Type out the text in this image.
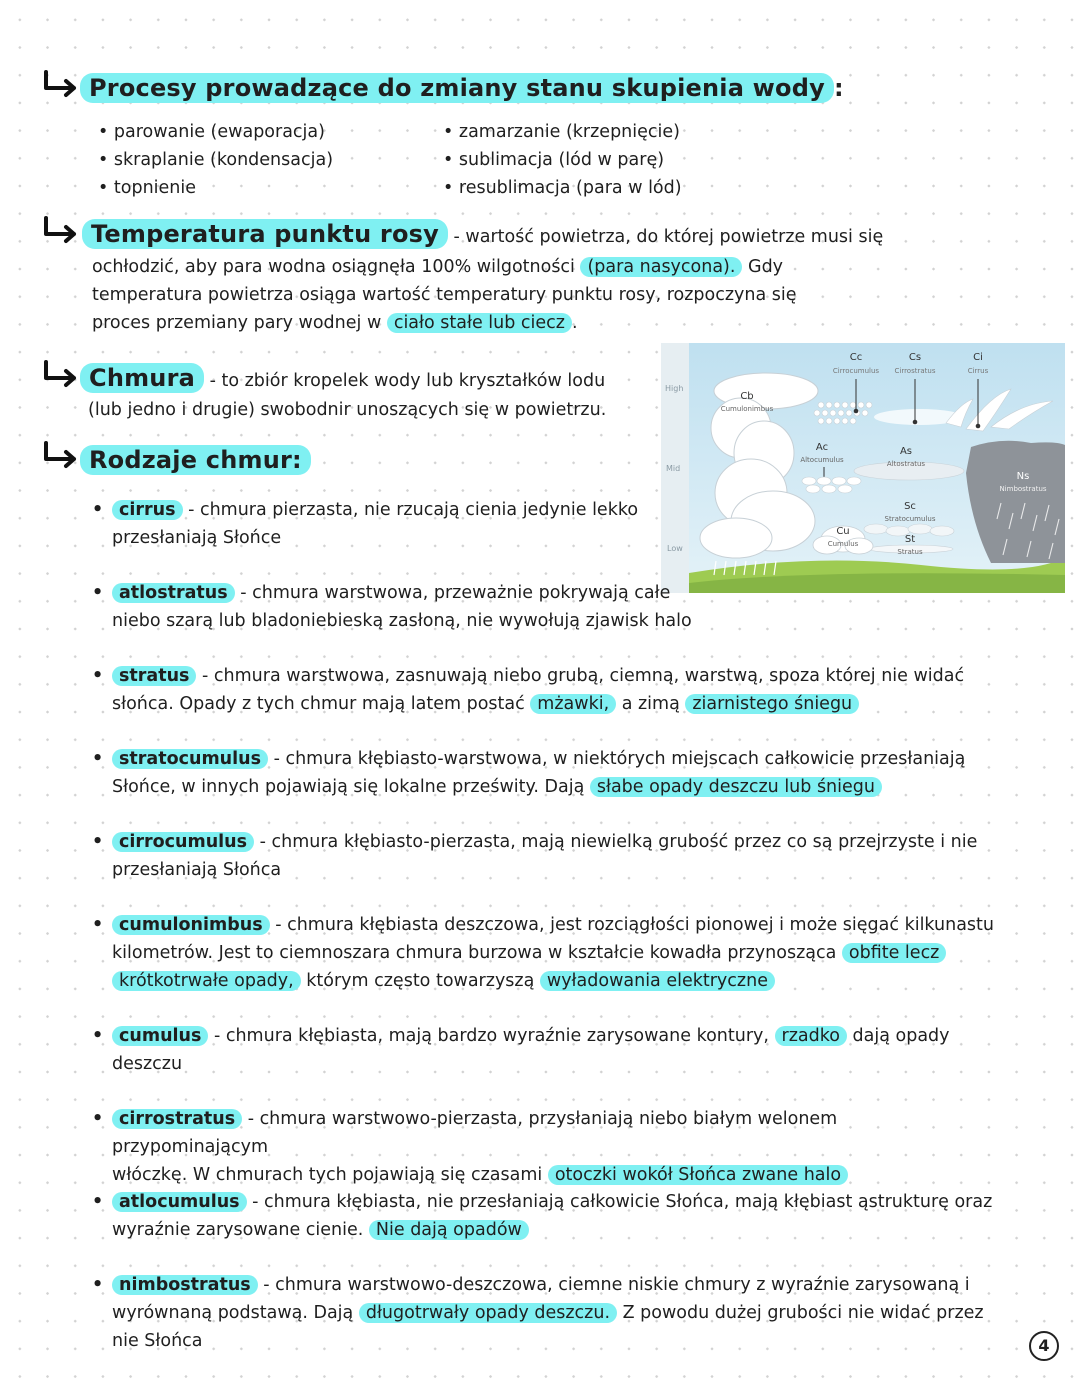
Procesy prowadzące do zmiany stanu skupienia wody :
• parowanie (ewaporacja)
• skraplanie (kondensacja)
• topnienie
• zamarzanie (krzepnięcie)
• sublimacja (lód w parę)
• resublimacja (para w lód)
Temperatura punktu rosy - wartość powietrza, do której powietrze musi się
ochłodzić, aby para wodna osiągnęła 100% wilgotności (para nasycona). Gdy
temperatura powietrza osiąga wartość temperatury punktu rosy, rozpoczyna się
proces przemiany pary wodnej w ciało stałe lub ciecz .
Chmura - to zbiór kropelek wody lub kryształków lodu
(lub jedno i drugie) swobodnir unoszących się w powietrzu.
Rodzaje chmur:
High
Mid
Low
Cc
Cirrocumulus
Cs
Cirrostratus
Ci
Cirrus
Cb
Cumulonimbus
Ac
Altocumulus
As
Altostratus
Ns
Nimbostratus
Sc
Stratocumulus
Cu
Cumulus	St
Stratus
• cirrus - chmura pierzasta, nie rzucają cienia jedynie lekko
przesłaniają Słońce
• atlostratus - chmura warstwowa, przeważnie pokrywają całe
niebo szarą lub bladoniebieską zasłoną, nie wywołują zjawisk halo
• stratus - chmura warstwowa, zasnuwają niebo grubą, ciemną, warstwą, spoza której nie widać
słońca. Opady z tych chmur mają latem postać mżawki, a zimą ziarnistego śniegu
• stratocumulus - chmura kłębiasto-warstwowa, w niektórych miejscach całkowicie przesłaniają
Słońce, w innych pojawiają się lokalne prześwity. Dają słabe opady deszczu lub śniegu
• cirrocumulus - chmura kłębiasto-pierzasta, mają niewielką grubość przez co są przejrzyste i nie
przesłaniają Słońca
• cumulonimbus - chmura kłębiasta deszczowa, jest rozciągłości pionowej i może sięgać kilkunastu
kilometrów. Jest to ciemnoszara chmura burzowa w kształcie kowadła przynosząca obfite lecz
krótkotrwałe opady, którym często towarzyszą wyładowania elektryczne
• cumulus - chmura kłębiasta, mają bardzo wyraźnie zarysowane kontury, rzadko dają opady
deszczu
• cirrostratus - chmura warstwowo-pierzasta, przysłaniają niebo białym welonem przypominającym
włóczkę. W chmurach tych pojawiają się czasami otoczki wokół Słońca zwane halo
• atlocumulus - chmura kłębiasta, nie przesłaniają całkowicie Słońca, mają kłębiast ąstrukturę oraz
wyraźnie zarysowane cienie. Nie dają opadów
• nimbostratus - chmura warstwowo-deszczowa, ciemne niskie chmury z wyraźnie zarysowaną i
wyrównaną podstawą. Dają długotrwały opady deszczu. Z powodu dużej grubości nie widać przez
nie Słońca	4
